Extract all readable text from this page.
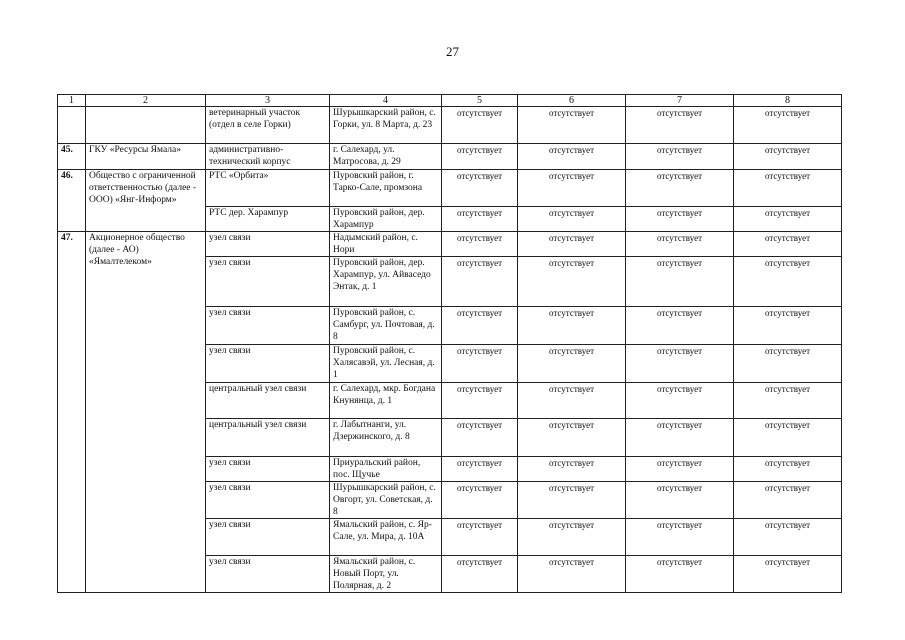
27
1	2	3	4	5	6	7	8
		ветеринарный участок (отдел в селе Горки)	Шурышкарский район, с. Горки, ул. 8 Марта, д. 23	отсутствует	отсутствует	отсутствует	отсутствует
45.	ГКУ «Ресурсы Ямала»	административно-технический корпус	г. Салехард, ул. Матросова, д. 29	отсутствует	отсутствует	отсутствует	отсутствует
46.	Общество с ограниченной ответственностью (далее - ООО) «Янг-Информ»	РТС «Орбита»	Пуровский район, г. Тарко-Сале, промзона	отсутствует	отсутствует	отсутствует	отсутствует
		РТС дер. Харампур	Пуровский район, дер. Харампур	отсутствует	отсутствует	отсутствует	отсутствует
47.	Акционерное общество (далее - АО) «Ямалтелеком»	узел связи	Надымский район, с. Нори	отсутствует	отсутствует	отсутствует	отсутствует
		узел связи	Пуровский район, дер. Харампур, ул. Айваседо Энтак, д. 1	отсутствует	отсутствует	отсутствует	отсутствует
		узел связи	Пуровский район, с. Самбург, ул. Почтовая, д. 8	отсутствует	отсутствует	отсутствует	отсутствует
		узел связи	Пуровский район, с. Халясавэй, ул. Лесная, д. 1	отсутствует	отсутствует	отсутствует	отсутствует
		центральный узел связи	г. Салехард, мкр. Богдана Кнунянца, д. 1	отсутствует	отсутствует	отсутствует	отсутствует
		центральный узел связи	г. Лабытнанги, ул. Дзержинского, д. 8	отсутствует	отсутствует	отсутствует	отсутствует
		узел связи	Приуральский район, пос. Щучье	отсутствует	отсутствует	отсутствует	отсутствует
		узел связи	Шурышкарский район, с. Овгорт, ул. Советская, д. 8	отсутствует	отсутствует	отсутствует	отсутствует
		узел связи	Ямальский район, с. Яр-Сале, ул. Мира, д. 10А	отсутствует	отсутствует	отсутствует	отсутствует
		узел связи	Ямальский район, с. Новый Порт, ул. Полярная, д. 2	отсутствует	отсутствует	отсутствует	отсутствует
